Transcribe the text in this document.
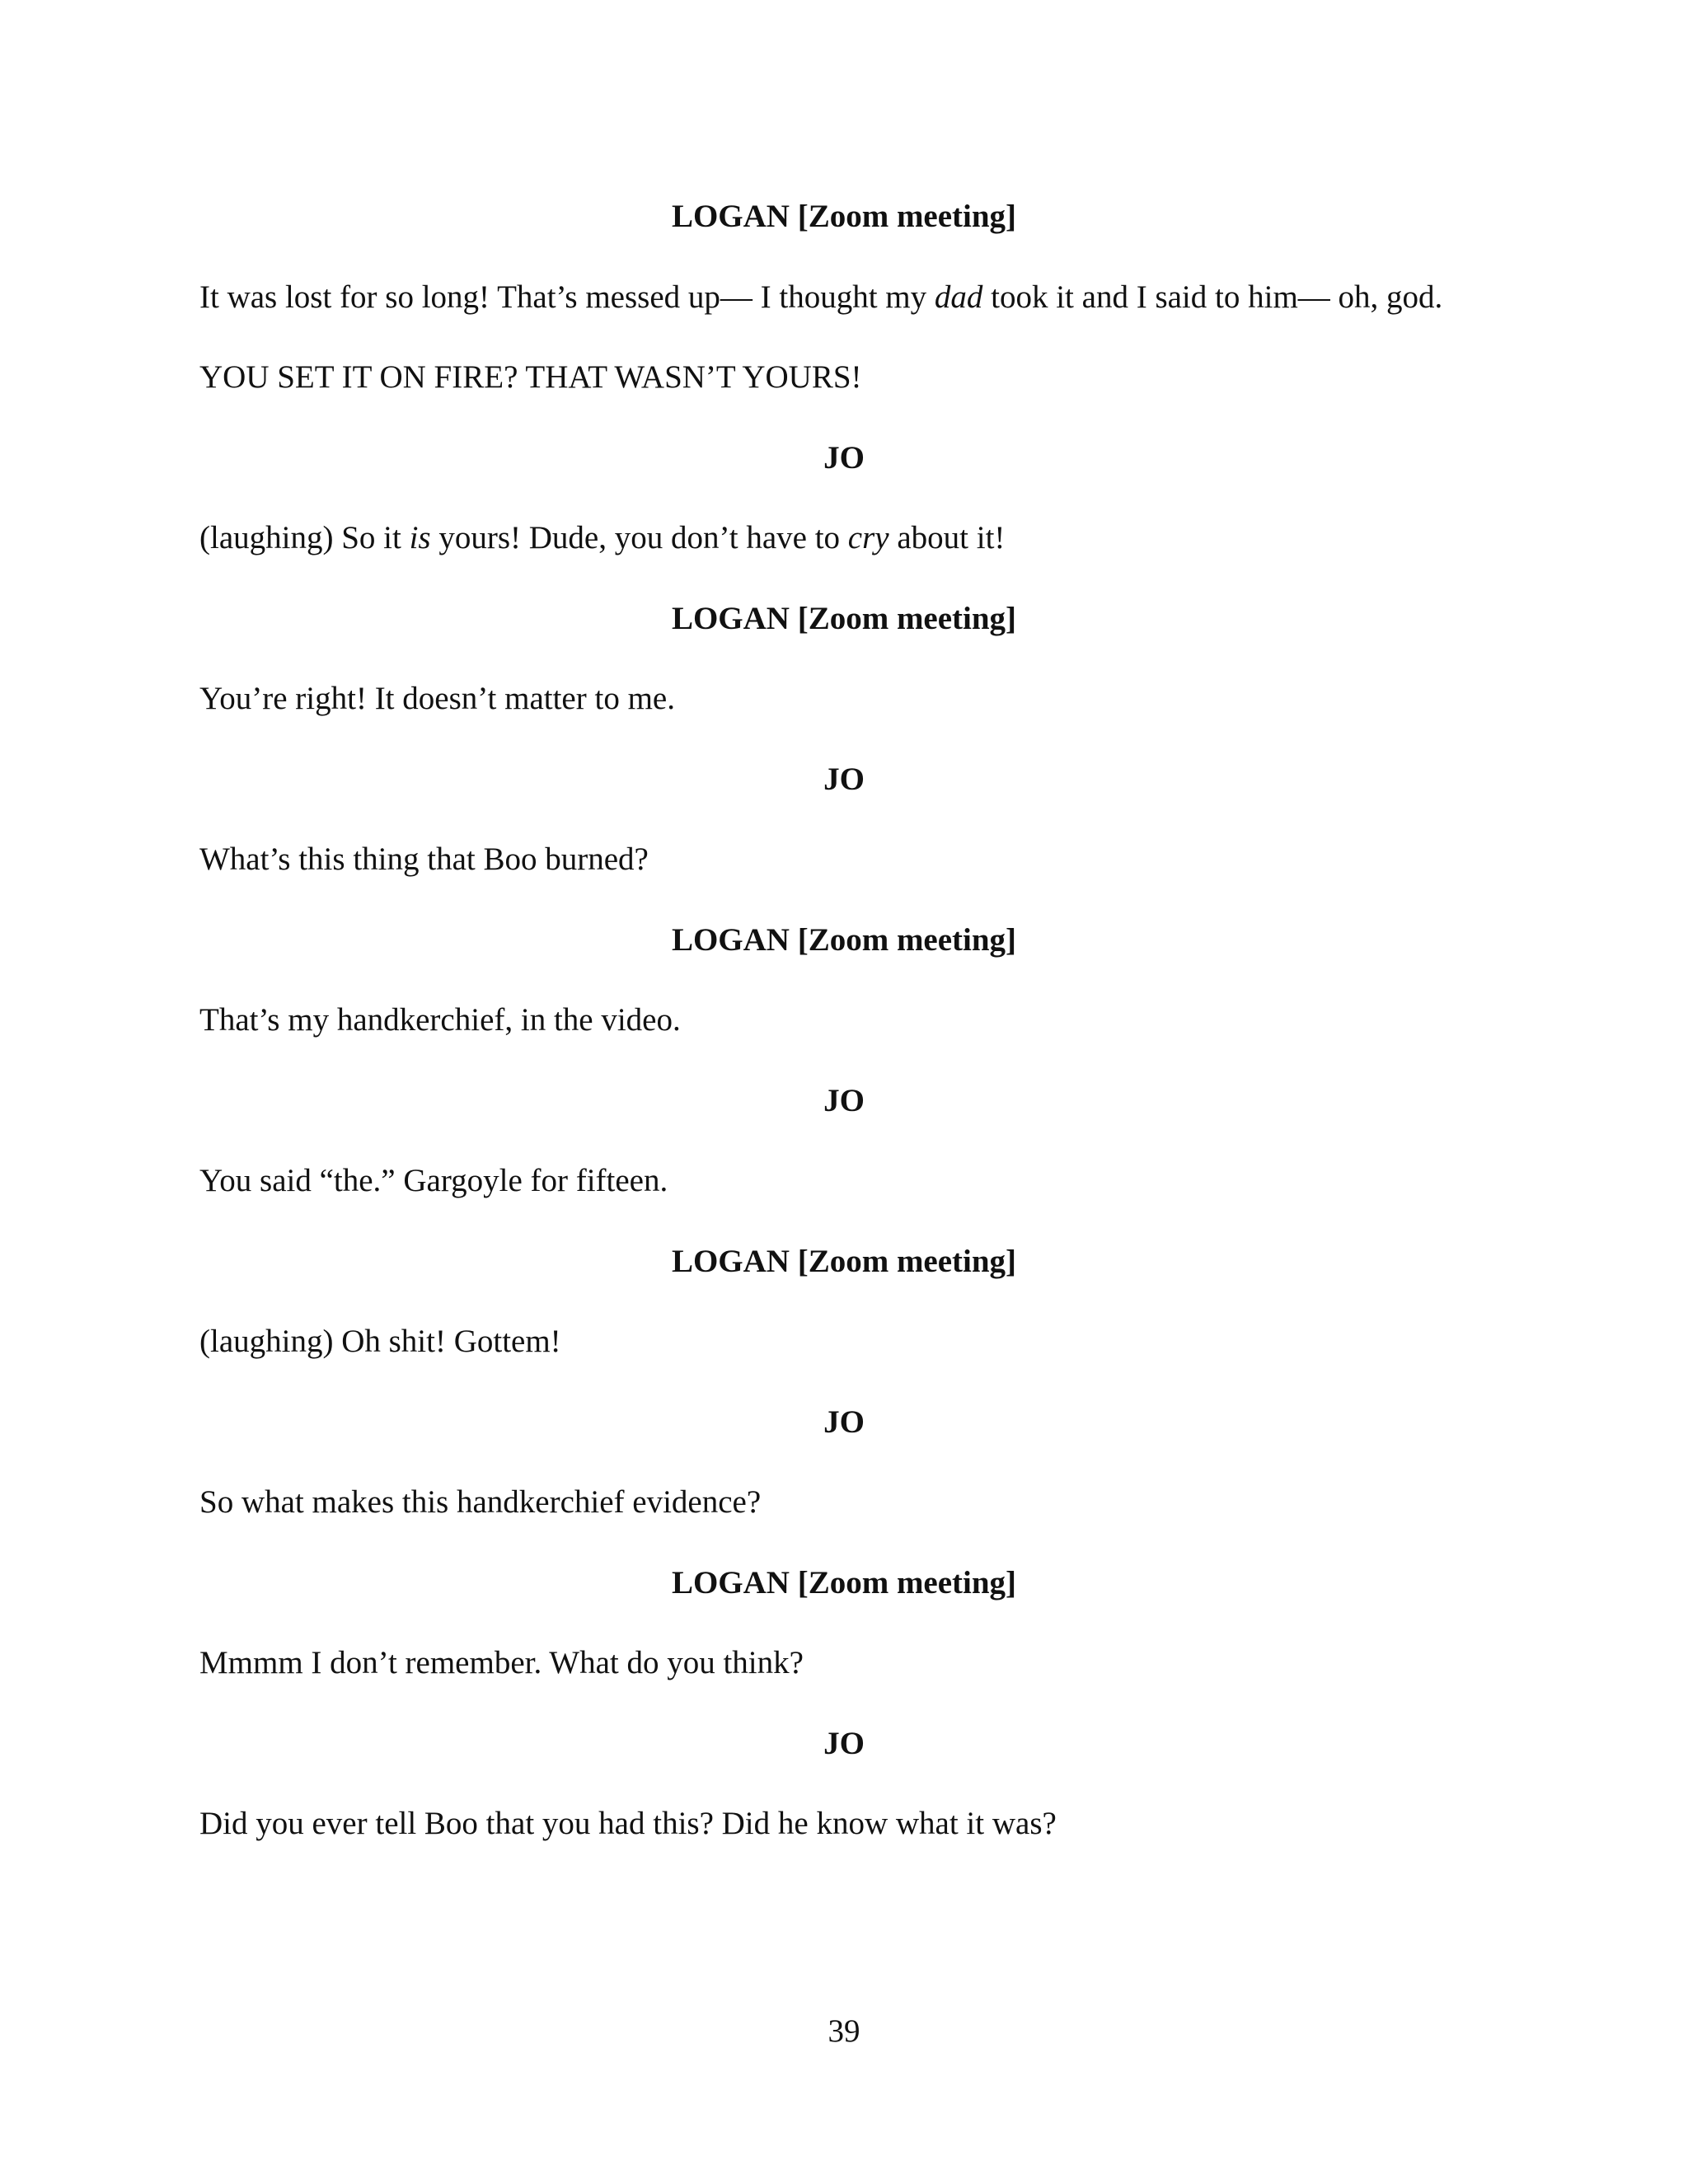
LOGAN [Zoom meeting]
It was lost for so long! That’s messed up— I thought my dad took it and I said to him— oh, god.
YOU SET IT ON FIRE? THAT WASN’T YOURS!
JO
(laughing) So it is yours! Dude, you don’t have to cry about it!
LOGAN [Zoom meeting]
You’re right! It doesn’t matter to me.
JO
What’s this thing that Boo burned?
LOGAN [Zoom meeting]
That’s my handkerchief, in the video.
JO
You said “the.” Gargoyle for fifteen.
LOGAN [Zoom meeting]
(laughing) Oh shit! Gottem!
JO
So what makes this handkerchief evidence?
LOGAN [Zoom meeting]
Mmmm I don’t remember. What do you think?
JO
Did you ever tell Boo that you had this? Did he know what it was?
39
